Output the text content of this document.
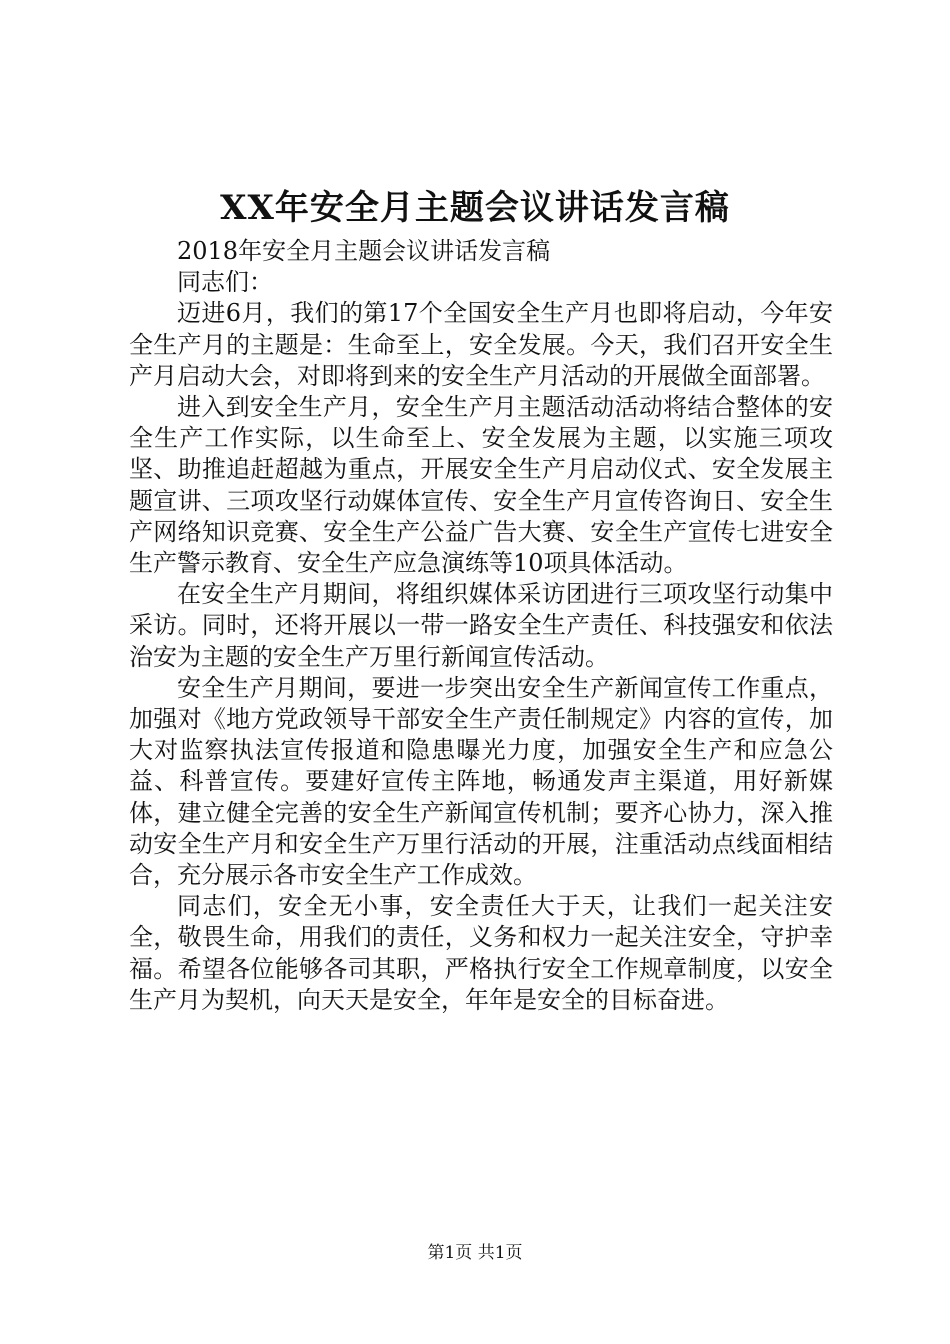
XX年安全月主题会议讲话发言稿

2018年安全月主题会议讲话发言稿

同志们：

迈进6月，我们的第17个全国安全生产月也即将启动，今年安全生产月的主题是：生命至上，安全发展。今天，我们召开安全生产月启动大会，对即将到来的安全生产月活动的开展做全面部署。

进入到安全生产月，安全生产月主题活动活动将结合整体的安全生产工作实际，以生命至上、安全发展为主题，以实施三项攻坚、助推追赶超越为重点，开展安全生产月启动仪式、安全发展主题宣讲、三项攻坚行动媒体宣传、安全生产月宣传咨询日、安全生产网络知识竞赛、安全生产公益广告大赛、安全生产宣传七进安全生产警示教育、安全生产应急演练等10项具体活动。

在安全生产月期间，将组织媒体采访团进行三项攻坚行动集中采访。同时，还将开展以一带一路安全生产责任、科技强安和依法治安为主题的安全生产万里行新闻宣传活动。

安全生产月期间，要进一步突出安全生产新闻宣传工作重点，加强对《地方党政领导干部安全生产责任制规定》内容的宣传，加大对监察执法宣传报道和隐患曝光力度，加强安全生产和应急公益、科普宣传。要建好宣传主阵地，畅通发声主渠道，用好新媒体，建立健全完善的安全生产新闻宣传机制；要齐心协力，深入推动安全生产月和安全生产万里行活动的开展，注重活动点线面相结合，充分展示各市安全生产工作成效。

同志们，安全无小事，安全责任大于天，让我们一起关注安全，敬畏生命，用我们的责任，义务和权力一起关注安全，守护幸福。希望各位能够各司其职，严格执行安全工作规章制度，以安全生产月为契机，向天天是安全，年年是安全的目标奋进。

第1页 共1页
